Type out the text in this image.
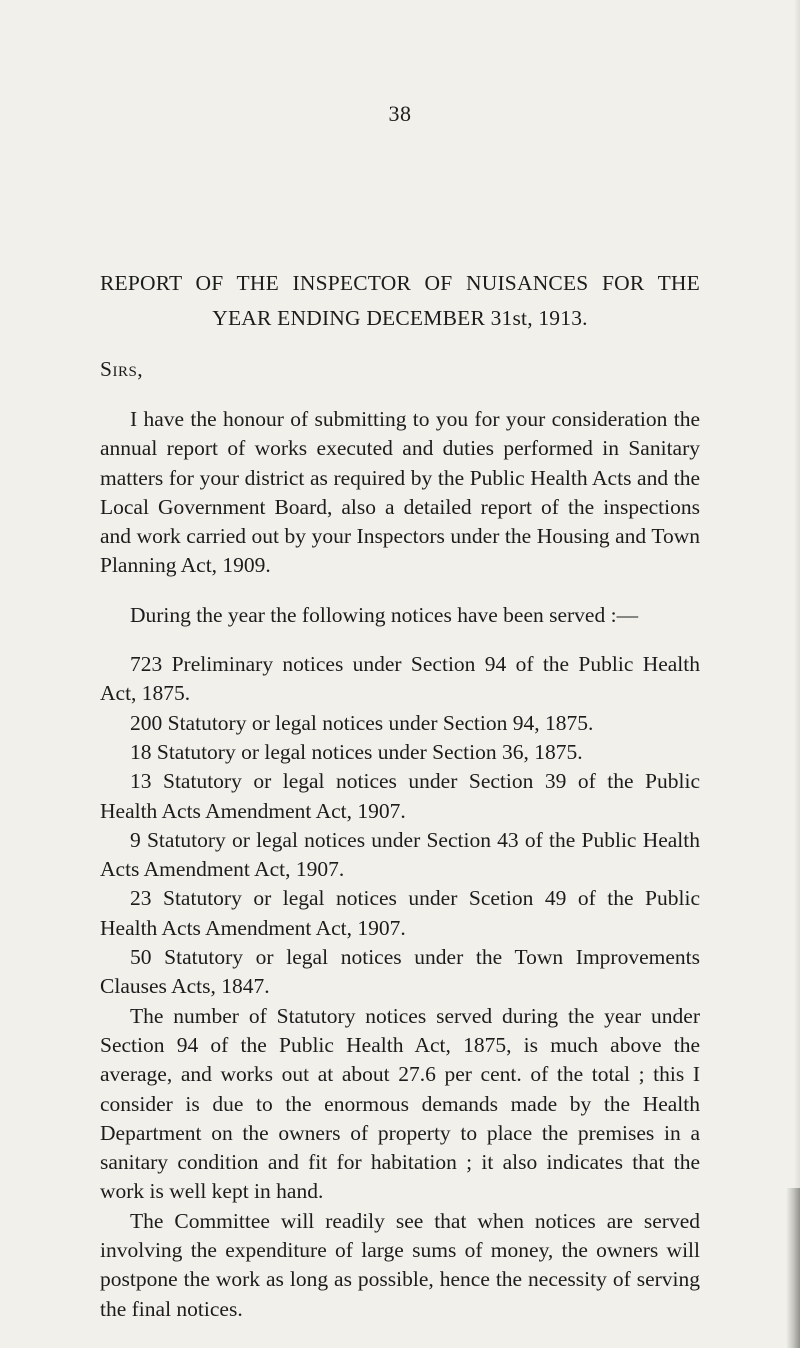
38
REPORT OF THE INSPECTOR OF NUISANCES FOR THE
YEAR ENDING DECEMBER 31st, 1913.
Sirs,

I have the honour of submitting to you for your consideration the annual report of works executed and duties performed in Sanitary matters for your district as required by the Public Health Acts and the Local Government Board, also a detailed report of the inspections and work carried out by your Inspectors under the Housing and Town Planning Act, 1909.

During the year the following notices have been served :—

723 Preliminary notices under Section 94 of the Public Health Act, 1875.

200 Statutory or legal notices under Section 94, 1875.

18 Statutory or legal notices under Section 36, 1875.

13 Statutory or legal notices under Section 39 of the Public Health Acts Amendment Act, 1907.

9 Statutory or legal notices under Section 43 of the Public Health Acts Amendment Act, 1907.

23 Statutory or legal notices under Scetion 49 of the Public Health Acts Amendment Act, 1907.

50 Statutory or legal notices under the Town Improvements Clauses Acts, 1847.

The number of Statutory notices served during the year under Section 94 of the Public Health Act, 1875, is much above the average, and works out at about 27.6 per cent. of the total ; this I consider is due to the enormous demands made by the Health Department on the owners of property to place the premises in a sanitary condition and fit for habitation ; it also indicates that the work is well kept in hand.

The Committee will readily see that when notices are served involving the expenditure of large sums of money, the owners will postpone the work as long as possible, hence the necessity of serving the final notices.
